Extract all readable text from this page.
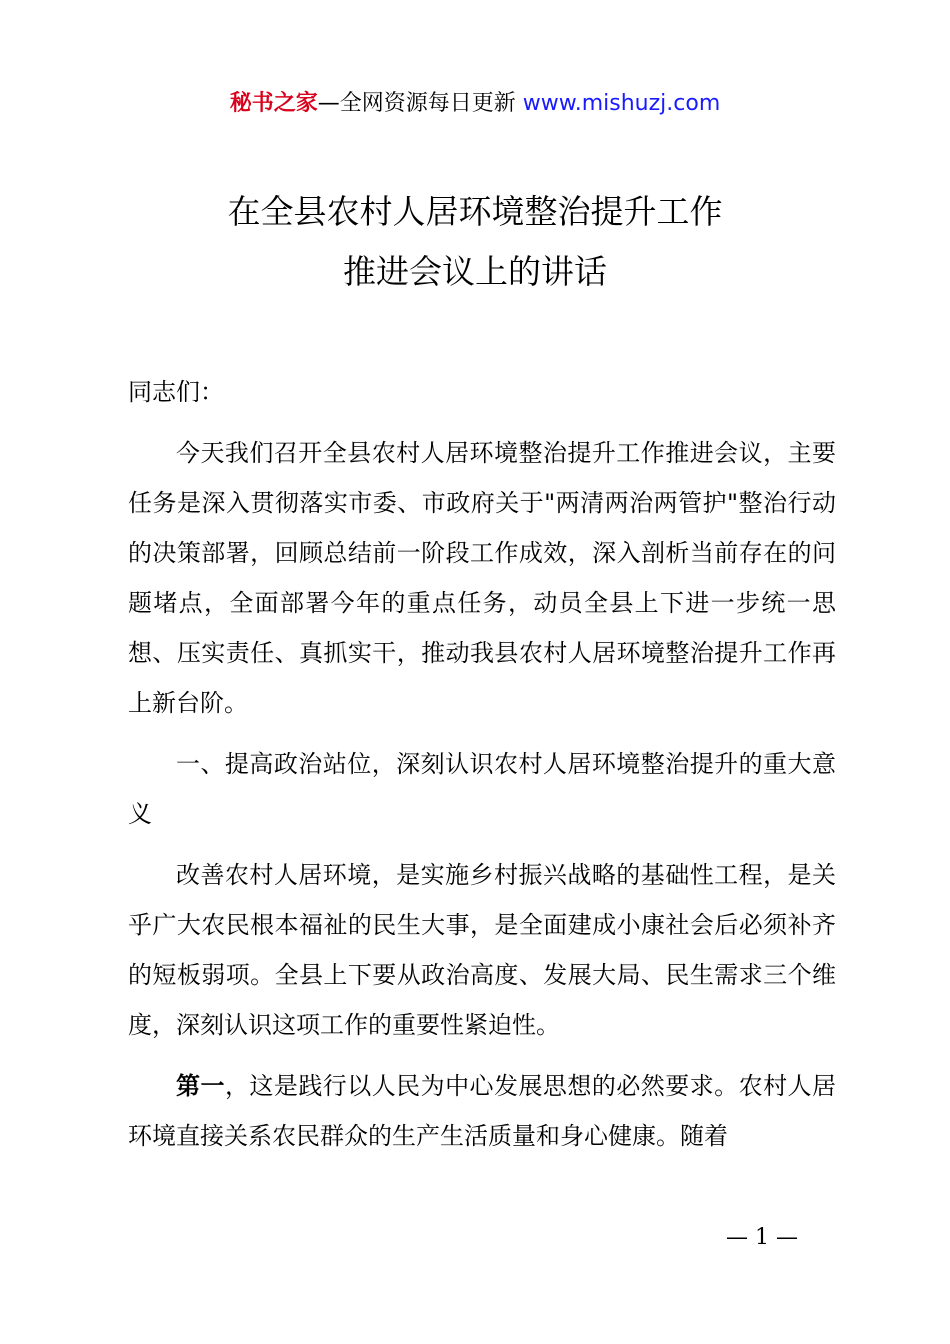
秘书之家—全网资源每日更新 www.mishuzj.com
在全县农村人居环境整治提升工作
推进会议上的讲话

同志们：

今天我们召开全县农村人居环境整治提升工作推进会议，主要任务是深入贯彻落实市委、市政府关于"两清两治两管护"整治行动的决策部署，回顾总结前一阶段工作成效，深入剖析当前存在的问题堵点，全面部署今年的重点任务，动员全县上下进一步统一思想、压实责任、真抓实干，推动我县农村人居环境整治提升工作再上新台阶。

一、提高政治站位，深刻认识农村人居环境整治提升的重大意义

改善农村人居环境，是实施乡村振兴战略的基础性工程，是关乎广大农民根本福祉的民生大事，是全面建成小康社会后必须补齐的短板弱项。全县上下要从政治高度、发展大局、民生需求三个维度，深刻认识这项工作的重要性紧迫性。

第一，这是践行以人民为中心发展思想的必然要求。农村人居环境直接关系农民群众的生产生活质量和身心健康。随着

— 1 —
